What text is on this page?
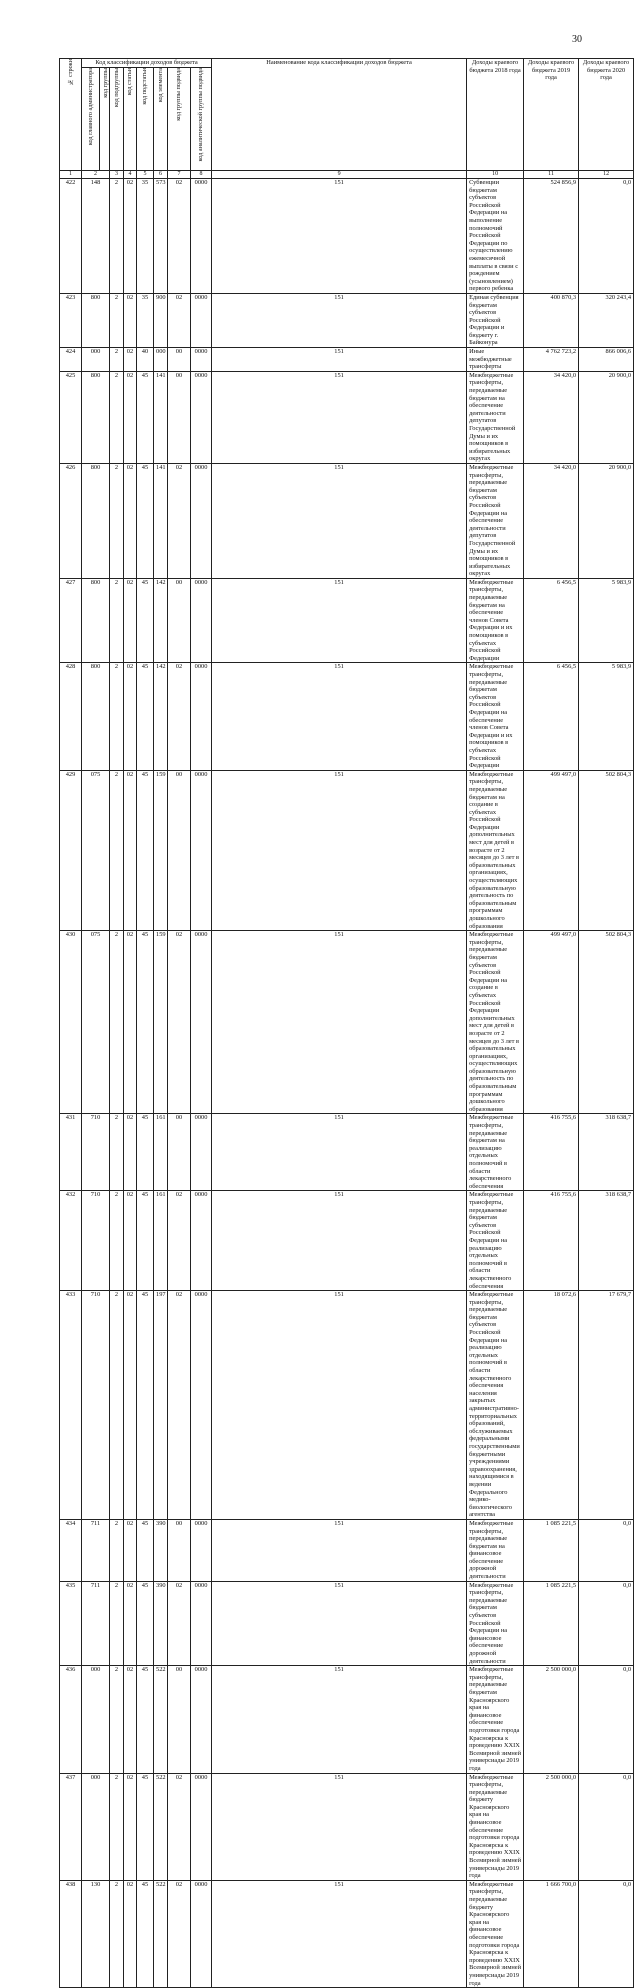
30
№ строки	Код классификации доходов бюджета								Наименование кода классификации доходов бюджета	Доходы краевого бюджета 2018 года	Доходы краевого бюджета 2019 года	Доходы краевого бюджета 2020 года	
	код главного администратора	код группы	код подгруппы	код статьи	код подстатьи	код элемента	код группы подвида	код аналитической группы подвида					
1	2		3	4	5	6	7	8	9	10	11	12	
422	148		2	02	35	573	02	0000	151	Субвенции бюджетам субъектов Российской Федерации на выполнение полномочий Российской Федерации по осуществлению ежемесячной выплаты в связи с рождением (усыновлением) первого ребенка	524 856,9	0,0	
423	800		2	02	35	900	02	0000	151	Единая субвенция бюджетам субъектов Российской Федерации и бюджету г. Байконура	400 870,3	320 243,4	
424	000		2	02	40	000	00	0000	151	Иные межбюджетные трансферты	4 762 723,2	866 006,6	
425	800		2	02	45	141	00	0000	151	Межбюджетные трансферты, передаваемые бюджетам на обеспечение деятельности депутатов Государственной Думы и их помощников в избирательных округах	34 420,0	20 900,0	
426	800		2	02	45	141	02	0000	151	Межбюджетные трансферты, передаваемые бюджетам субъектов Российской Федерации на обеспечение деятельности депутатов Государственной Думы и их помощников в избирательных округах	34 420,0	20 900,0	
427	800		2	02	45	142	00	0000	151	Межбюджетные трансферты, передаваемые бюджетам на обеспечение членов Совета Федерации и их помощников в субъектах Российской Федерации	6 456,5	5 983,9	
428	800		2	02	45	142	02	0000	151	Межбюджетные трансферты, передаваемые бюджетам субъектов Российской Федерации на обеспечение членов Совета Федерации и их помощников в субъектах Российской Федерации	6 456,5	5 983,9	
429	075		2	02	45	159	00	0000	151	Межбюджетные трансферты, передаваемые бюджетам на создание в субъектах Российской Федерации дополнительных мест для детей в возрасте от 2 месяцев до 3 лет в образовательных организациях, осуществляющих образовательную деятельность по образовательным программам дошкольного образования	499 497,0	502 804,3	
430	075		2	02	45	159	02	0000	151	Межбюджетные трансферты, передаваемые бюджетам субъектов Российской Федерации на создание в субъектах Российской Федерации дополнительных мест для детей в возрасте от 2 месяцев до 3 лет в образовательных организациях, осуществляющих образовательную деятельность по образовательным программам дошкольного образования	499 497,0	502 804,3	
431	710		2	02	45	161	00	0000	151	Межбюджетные трансферты, передаваемые бюджетам на реализацию отдельных полномочий в области лекарственного обеспечения	416 755,6	318 638,7	
432	710		2	02	45	161	02	0000	151	Межбюджетные трансферты, передаваемые бюджетам субъектов Российской Федерации на реализацию отдельных полномочий в области лекарственного обеспечения	416 755,6	318 638,7	
433	710		2	02	45	197	02	0000	151	Межбюджетные трансферты, передаваемые бюджетам субъектов Российской Федерации на реализацию отдельных полномочий в области лекарственного обеспечения населения закрытых административно-территориальных образований, обслуживаемых федеральными государственными бюджетными учреждениями здравоохранения, находящимися в ведении Федерального медико-биологического агентства	18 072,6	17 679,7	
434	711		2	02	45	390	00	0000	151	Межбюджетные трансферты, передаваемые бюджетам на финансовое обеспечение дорожной деятельности	1 085 221,5	0,0	
435	711		2	02	45	390	02	0000	151	Межбюджетные трансферты, передаваемые бюджетам субъектов Российской Федерации на финансовое обеспечение дорожной деятельности	1 085 221,5	0,0	
436	000		2	02	45	522	00	0000	151	Межбюджетные трансферты, передаваемые бюджетам Красноярского края на финансовое обеспечение подготовки города Красноярска к проведению XXIX Всемирной зимней универсиады 2019 года	2 500 000,0	0,0	
437	000		2	02	45	522	02	0000	151	Межбюджетные трансферты, передаваемые бюджету Красноярского края на финансовое обеспечение подготовки города Красноярска к проведению XXIX Всемирной зимней универсиады 2019 года	2 500 000,0	0,0	
438	130		2	02	45	522	02	0000	151	Межбюджетные трансферты, передаваемые бюджету Красноярского края на финансовое обеспечение подготовки города Красноярска к проведению XXIX Всемирной зимней универсиады 2019 года	1 666 700,0	0,0	
